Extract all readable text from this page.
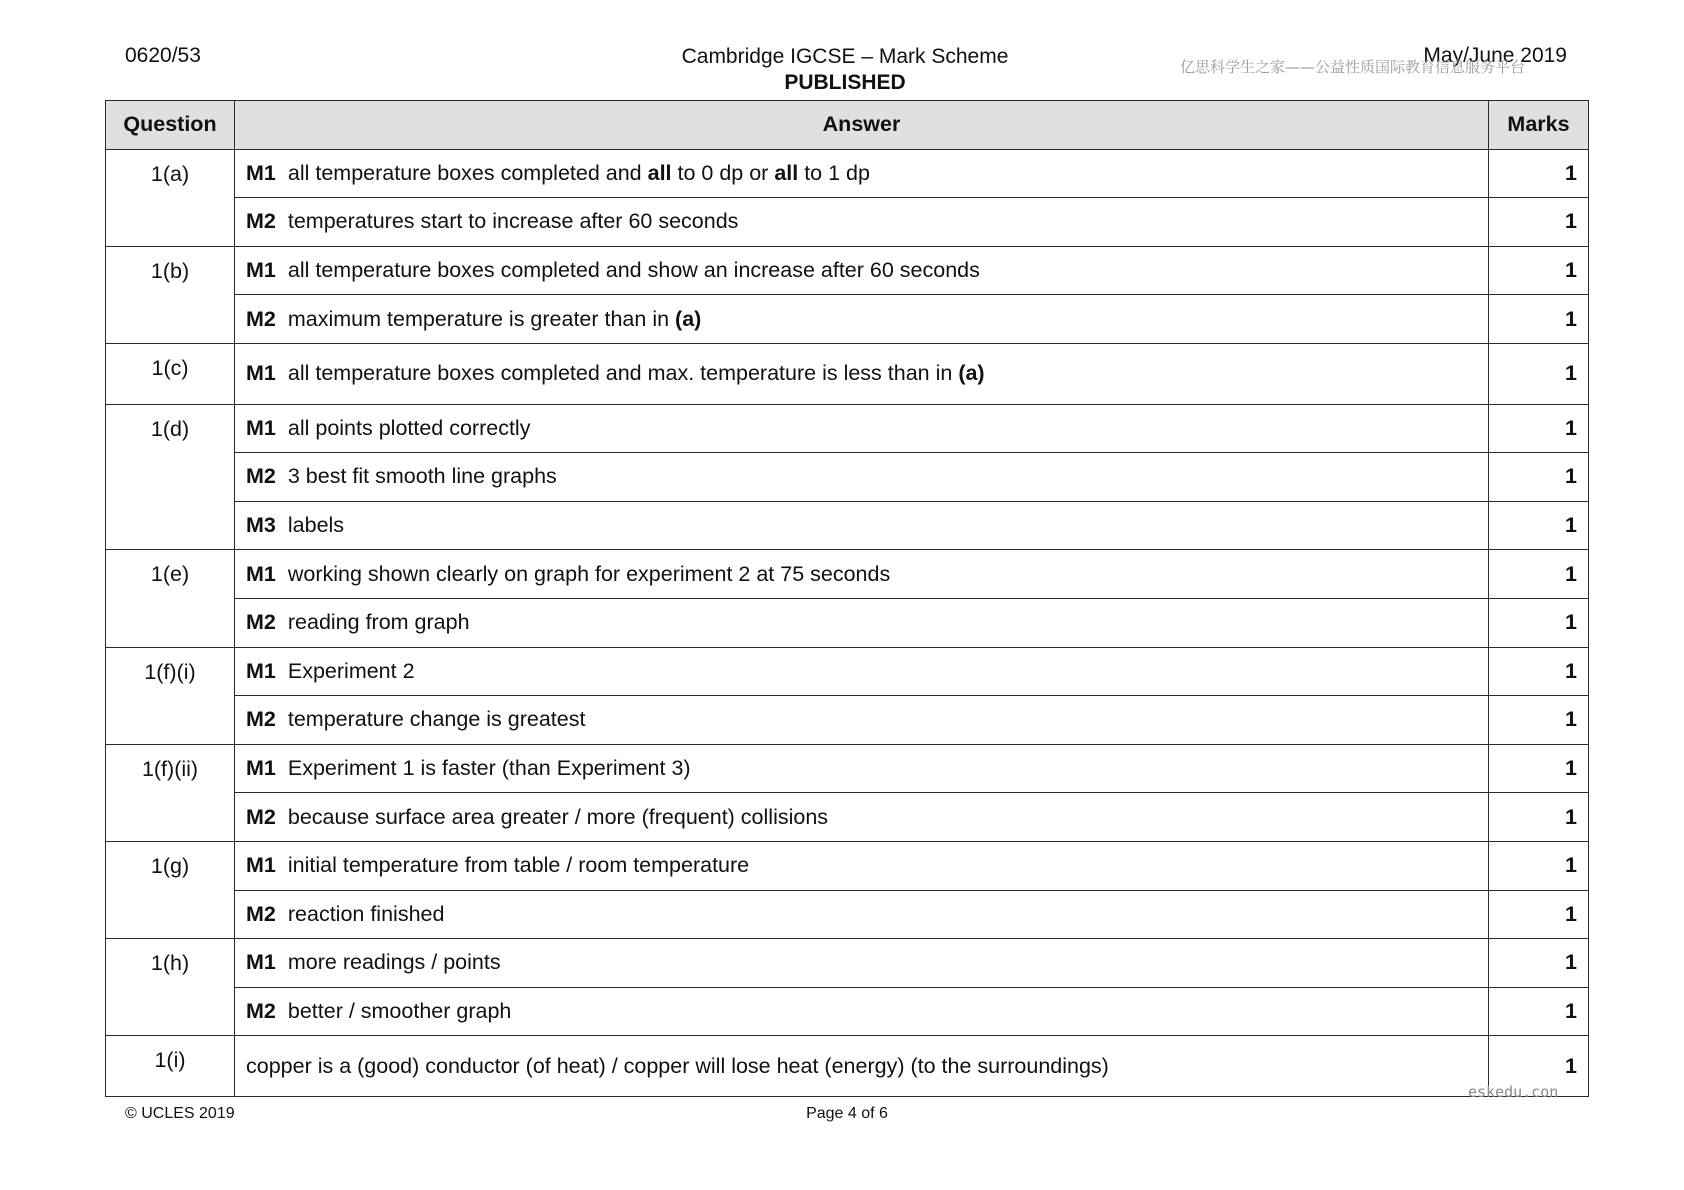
0620/53	Cambridge IGCSE – Mark Scheme
PUBLISHED
May/June 2019
亿思科学生之家——公益性质国际教育信息服务平台
Question	Answer	Marks
1(a)	M1 all temperature boxes completed and all to 0 dp or all to 1 dp	1
	M2 temperatures start to increase after 60 seconds	1
1(b)	M1 all temperature boxes completed and show an increase after 60 seconds	1
	M2 maximum temperature is greater than in (a)	1
1(c)	M1 all temperature boxes completed and max. temperature is less than in (a)	1
1(d)	M1 all points plotted correctly	1
	M2 3 best fit smooth line graphs	1
	M3 labels	1
1(e)	M1 working shown clearly on graph for experiment 2 at 75 seconds	1
	M2 reading from graph	1
1(f)(i)	M1 Experiment 2	1
	M2 temperature change is greatest	1
1(f)(ii)	M1 Experiment 1 is faster (than Experiment 3)	1
	M2 because surface area greater / more (frequent) collisions	1
1(g)	M1 initial temperature from table / room temperature	1
	M2 reaction finished	1
1(h)	M1 more readings / points	1
	M2 better / smoother graph	1
1(i)	copper is a (good) conductor (of heat) / copper will lose heat (energy) (to the surroundings)	1
© UCLES 2019	Page 4 of 6
eskedu.con
